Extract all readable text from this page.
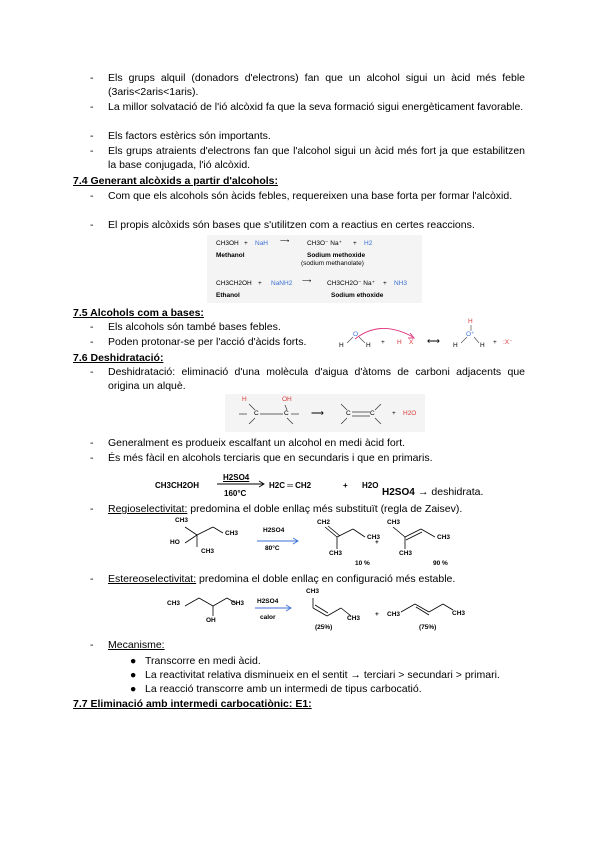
-	Els grups alquil (donadors d'electrons) fan que un alcohol sigui un àcid més feble (3aris<2aris<1aris).
-	La millor solvatació de l'ió alcòxid fa que la seva formació sigui energèticament favorable.
-	Els factors estèrics són importants.
-	Els grups atraients d'electrons fan que l'alcohol sigui un àcid més fort ja que estabilitzen la base conjugada, l'ió alcòxid.
7.4 Generant alcòxids a partir d'alcohols:
-	Com que els alcohols són àcids febles, requereixen una base forta per formar l'alcòxid.
-	El propis alcòxids són bases que s'utilitzen com a reactius en certes reaccions.
CH3OH + NaH ⟶	CH3O⁻ Na⁺ + H2
Methanol	Sodium methoxide
(sodium methanolate)
CH3CH2OH + NaNH2 ⟶ CH3CH2O⁻ Na⁺ + NH3
Ethanol	Sodium ethoxide
7.5 Alcohols com a bases:
-	Els alcohols són també bases febles.
-	Poden protonar-se per l'acció d'àcids forts.	H
O
H + H X ⟷ H
H
O⁺
H + :X⁻
7.6 Deshidratació:
-	Deshidratació: eliminació d'una molècula d'aigua d'àtoms de carboni adjacents que origina un alquè.
H	OH
C	C ⟶	C	C	+ H2O
-	Generalment es produeix escalfant un alcohol en medi àcid fort.
-	És més fàcil en alcohols terciaris que en secundaris i que en primaris.
CH3CH2OH
H2SO4
160°C
H2C ═ CH2	+ H2O
H2SO4 → deshidrata.
-	Regioselectivitat: predomina el doble enllaç més substituït (regla de Zaisev).
CH3
CH3
HO
CH3
H2SO4
80°C
CH2
CH3
CH3
+
CH3
CH3
CH3
10 %	90 %
-	Estereoselectivitat: predomina el doble enllaç en configuració més estable.
CH3	CH3
OH
H2SO4
calor
CH3
CH3
(25%)
+ CH3	CH3
(75%)
-	Mecanisme:
● Transcorre en medi àcid.
● La reactivitat relativa disminueix en el sentit → terciari > secundari > primari.
● La reacció transcorre amb un intermedi de tipus carbocatió.
7.7 Eliminació amb intermedi carbocatiònic: E1:
